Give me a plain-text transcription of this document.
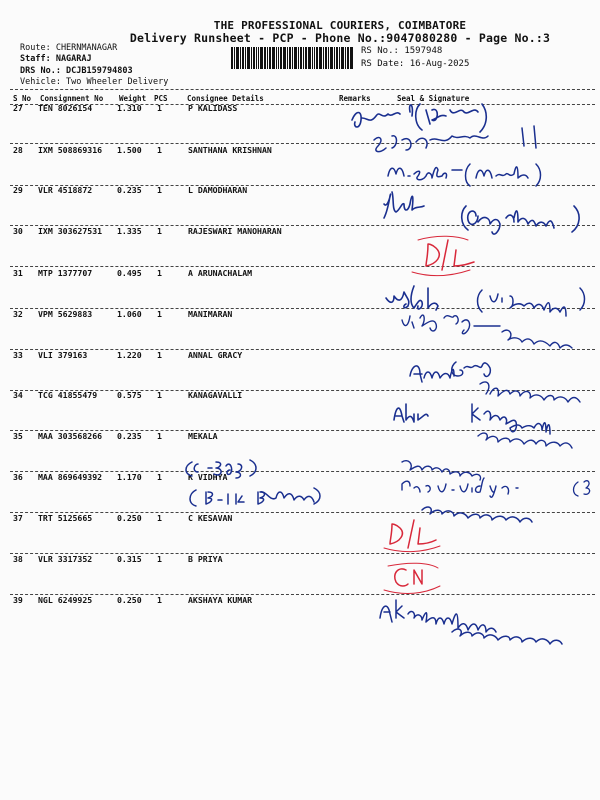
THE PROFESSIONAL COURIERS, COIMBATORE
Delivery Runsheet - PCP - Phone No.:9047080280 - Page No.:3
Route: CHERNMANAGAR
Staff: NAGARAJ
DRS No.: DCJB159794803
Vehicle: Two Wheeler Delivery
RS No.: 1597948
RS Date: 16-Aug-2025
S No Consignment No Weight PCS	Consignee Details	Remarks	Seal & Signature
27 TEN 8026154	1.310 1	P KALIDASS
28 IXM 508869316 1.500 1	SANTHANA KRISHNAN
29 VLR 4518872	0.235 1	L DAMODHARAN
30 IXM 303627531 1.335 1	RAJESWARI MANOHARAN
31 MTP 1377707	0.495 1	A ARUNACHALAM
32 VPM 5629883	1.060 1	MANIMARAN
33 VLI 379163	1.220 1	ANNAL GRACY
34 TCG 41855479 0.575 1	KANAGAVALLI
35 MAA 303568266 0.235 1	MEKALA
36 MAA 869649392 1.170 1	K VIDHYA
37 TRT 5125665	0.250 1	C KESAVAN
38 VLR 3317352	0.315 1	B PRIYA
39 NGL 6249925	0.250 1	AKSHAYA KUMAR
